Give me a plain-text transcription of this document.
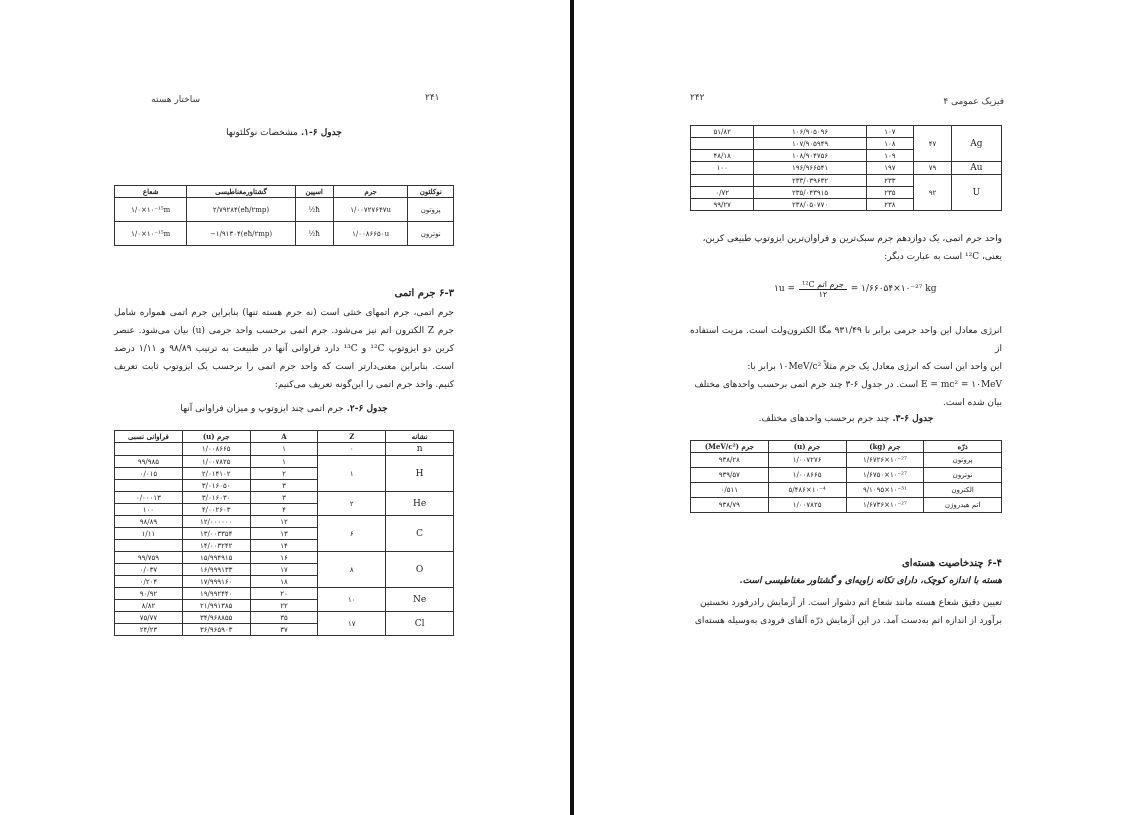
۲۴۱
ساختار هسته
جدول ۶-۱. مشخصات نوکلئونها
نوکلئون	جرم	اسپین	گشتاور‌مغناطیسی	شعاع
پروتون	۱/۰۰۷۲۷۶۴۷u	½ħ	۲/۷۹۲۸۴(eħ/۲mp)	۱/۰×۱۰⁻¹⁵m
نوترون	۱/۰۰۸۶۶۵۰u	½ħ	−۱/۹۱۳۰۴(eħ/۲mp)	۱/۰×۱۰⁻¹⁵m
۶-۳ جرم اتمی
جرم اتمی، جرم اتمهای خنثی است (نه جرم هسته تنها) بنابراین جرم اتمی همواره شامل جرم Z الکترون اتم نیز می‌شود. جرم اتمی برحسب واحد جرمی (u) بیان می‌شود. عنصر کربن دو ایزوتوپ ¹²C و ¹³C دارد فراوانی آنها در طبیعت به ترتیب ۹۸/۸۹ و ۱/۱۱ درصد است. بنابراین معنی‌دارتر است که واحد جرم اتمی را برحسب یک ایزوتوپ ثابت تعریف کنیم. واحد جرم اتمی را این‌گونه تعریف می‌کنیم:
جدول ۶-۲. جرم اتمی چند ایزوتوپ و میزان فراوانی آنها
نشانه	Z	A	جرم (u)	فراوانی نسبی
n	۰	۱	۱/۰۰۸۶۶۵	
H	۱	۱	۱/۰۰۷۸۲۵	۹۹/۹۸۵
		۲	۲/۰۱۴۱۰۲	۰/۰۱۵
		۳	۳/۰۱۶۰۵۰	
He	۲	۳	۳/۰۱۶۰۳۰	۰/۰۰۰۱۳
		۴	۴/۰۰۲۶۰۳	۱۰۰
C	۶	۱۲	۱۲/۰۰۰۰۰۰	۹۸/۸۹
		۱۳	۱۳/۰۰۳۳۵۴	۱/۱۱
		۱۴	۱۴/۰۰۳۲۴۲	
O	۸	۱۶	۱۵/۹۹۴۹۱۵	۹۹/۷۵۹
		۱۷	۱۶/۹۹۹۱۳۳	۰/۰۳۷
		۱۸	۱۷/۹۹۹۱۶۰	۰/۲۰۴
Ne	۱۰	۲۰	۱۹/۹۹۲۴۴۰	۹۰/۹۲
		۲۲	۲۱/۹۹۱۳۸۵	۸/۸۲
Cl	۱۷	۳۵	۳۴/۹۶۸۸۵۵	۷۵/۷۷
		۳۷	۳۶/۹۶۵۹۰۳	۲۴/۲۳
۲۴۲	فیزیک عمومی ۴
Ag	۴۷	۱۰۷	۱۰۶/۹۰۵۰۹۶	۵۱/۸۲
		۱۰۸	۱۰۷/۹۰۵۹۴۹	
		۱۰۹	۱۰۸/۹۰۴۷۵۶	۴۸/۱۸
Au	۷۹	۱۹۷	۱۹۶/۹۶۶۵۴۱	۱۰۰
U	۹۲	۲۳۳	۲۳۳/۰۳۹۶۳۲	
		۲۳۵	۲۳۵/۰۴۳۹۱۵	۰/۷۲
		۲۳۸	۲۳۸/۰۵۰۷۷۰	۹۹/۲۷
واحد جرم اتمی، یک دوازدهم جرم سبک‌ترین و فراوان‌ترین ایزوتوپ طبیعی کربن،
یعنی، ¹²C است به عبارت دیگر:
۱u = جرم اتم ¹²C
۱۲	= ۱/۶۶۰۵۴×۱۰⁻²⁷ kg
انرژی معادل این واحد جرمی برابر با ۹۳۱/۴۹ مگا الکترون‌ولت است. مزیت استفاده از
این واحد این است که انرژی معادل یک جرم مثلاً ۱۰MeV/c² برابر با:
E = mc² = ۱۰MeV است. در جدول ۶-۳ چند جرم اتمی برحسب واحدهای مختلف
بیان شده است.
جدول ۶-۳. چند جرم برحسب واحدهای مختلف.
ذرّه	جرم (kg)	جرم (u)	جرم (MeV/c²)
پروتون	۱/۶۷۲۶×۱۰⁻²⁷	۱/۰۰۷۲۷۶	۹۳۸/۲۸
نوترون	۱/۶۷۵۰×۱۰⁻²⁷	۱/۰۰۸۶۶۵	۹۳۹/۵۷
الکترون	۹/۱۰۹۵×۱۰⁻³¹	۵/۴۸۶×۱۰⁻⁴	۰/۵۱۱
اتم هیدروژن	۱/۶۷۳۶×۱۰⁻²⁷	۱/۰۰۷۸۲۵	۹۳۸/۷۹
۶-۴ چندخاصیت هسته‌ای
هسته با اندازه کوچک، دارای تکانه زاویه‌ای و گشتاور مغناطیسی است.
تعیین دقیق شعاع هسته مانند شعاع اتم دشوار است. از آزمایش رادرفورد نخستین
برآورد از اندازه اتم به‌دست آمد. در این آزمایش ذرّه آلفای فرودی به‌وسیله هسته‌ای
